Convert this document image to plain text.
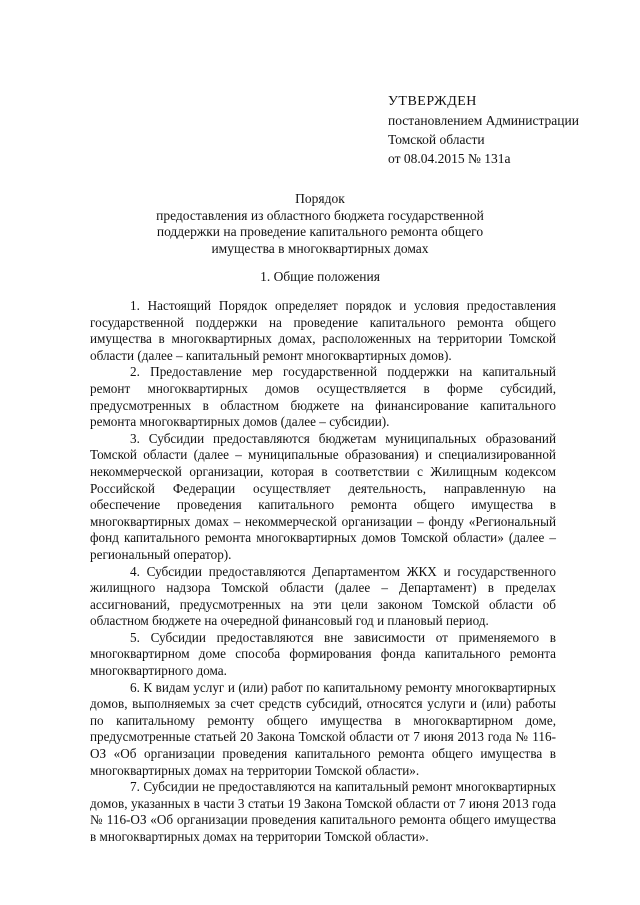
УТВЕРЖДЕН
постановлением Администрации
Томской области
от 08.04.2015 № 131а
Порядок
предоставления из областного бюджета государственной
поддержки на проведение капитального ремонта общего
имущества в многоквартирных домах
1. Общие положения

1. Настоящий Порядок определяет порядок и условия предоставления государственной поддержки на проведение капитального ремонта общего имущества в многоквартирных домах, расположенных на территории Томской области (далее – капитальный ремонт многоквартирных домов).

2. Предоставление мер государственной поддержки на капитальный ремонт многоквартирных домов осуществляется в форме субсидий, предусмотренных в областном бюджете на финансирование капитального ремонта многоквартирных домов (далее – субсидии).

3. Субсидии предоставляются бюджетам муниципальных образований Томской области (далее – муниципальные образования) и специализированной некоммерческой организации, которая в соответствии с Жилищным кодексом Российской Федерации осуществляет деятельность, направленную на обеспечение проведения капитального ремонта общего имущества в многоквартирных домах – некоммерческой организации – фонду «Региональный фонд капитального ремонта многоквартирных домов Томской области» (далее – региональный оператор).

4. Субсидии предоставляются Департаментом ЖКХ и государственного жилищного надзора Томской области (далее – Департамент) в пределах ассигнований, предусмотренных на эти цели законом Томской области об областном бюджете на очередной финансовый год и плановый период.

5. Субсидии предоставляются вне зависимости от применяемого в многоквартирном доме способа формирования фонда капитального ремонта многоквартирного дома.

6. К видам услуг и (или) работ по капитальному ремонту многоквартирных домов, выполняемых за счет средств субсидий, относятся услуги и (или) работы по капитальному ремонту общего имущества в многоквартирном доме, предусмотренные статьей 20 Закона Томской области от 7 июня 2013 года № 116-ОЗ «Об организации проведения капитального ремонта общего имущества в многоквартирных домах на территории Томской области».

7. Субсидии не предоставляются на капитальный ремонт многоквартирных домов, указанных в части 3 статьи 19 Закона Томской области от 7 июня 2013 года № 116-ОЗ «Об организации проведения капитального ремонта общего имущества в многоквартирных домах на территории Томской области».
